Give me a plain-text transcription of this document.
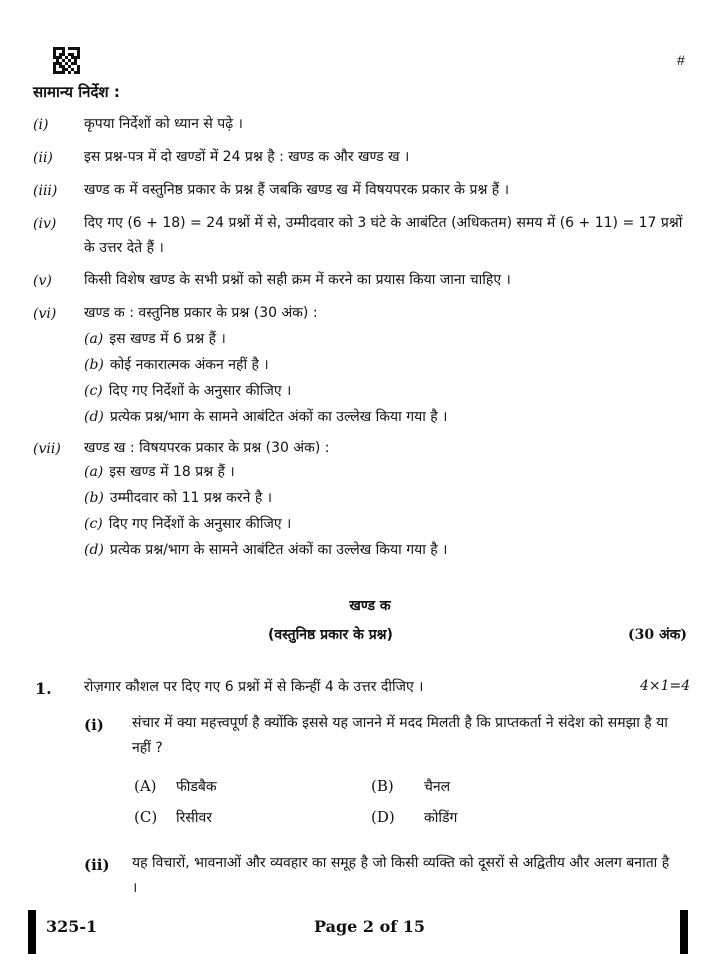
#
सामान्य निर्देश :
(i)	कृपया निर्देशों को ध्यान से पढ़े ।
(ii) इस प्रश्न-पत्र में दो खण्डों में 24 प्रश्न है : खण्ड क और खण्ड ख ।
(iii) खण्ड क में वस्तुनिष्ठ प्रकार के प्रश्न हैं जबकि खण्ड ख में विषयपरक प्रकार के प्रश्न हैं ।
(iv) दिए गए (6 + 18) = 24 प्रश्नों में से, उम्मीदवार को 3 घंटे के आबंटित (अधिकतम) समय में (6 + 11) = 17 प्रश्नों के उत्तर देते हैं ।
(v) किसी विशेष खण्ड के सभी प्रश्नों को सही क्रम में करने का प्रयास किया जाना चाहिए ।
(vi) खण्ड क : वस्तुनिष्ठ प्रकार के प्रश्न (30 अंक) :
(a) इस खण्ड में 6 प्रश्न हैं ।
(b) कोई नकारात्मक अंकन नहीं है ।
(c) दिए गए निर्देशों के अनुसार कीजिए ।
(d) प्रत्येक प्रश्न/भाग के सामने आबंटित अंकों का उल्लेख किया गया है ।
(vii) खण्ड ख : विषयपरक प्रकार के प्रश्न (30 अंक) :
(a) इस खण्ड में 18 प्रश्न हैं ।
(b) उम्मीदवार को 11 प्रश्न करने है ।
(c) दिए गए निर्देशों के अनुसार कीजिए ।
(d) प्रत्येक प्रश्न/भाग के सामने आबंटित अंकों का उल्लेख किया गया है ।
खण्ड क
(वस्तुनिष्ठ प्रकार के प्रश्न)	(30 अंक)
1. रोज़गार कौशल पर दिए गए 6 प्रश्नों में से किन्हीं 4 के उत्तर दीजिए ।	4×1=4
(i) संचार में क्या महत्त्वपूर्ण है क्योंकि इससे यह जानने में मदद मिलती है कि प्राप्तकर्ता ने संदेश को समझा है या नहीं ?
(A) फीडबैक	(B) चैनल
(C) रिसीवर	(D) कोडिंग
(ii) यह विचारों, भावनाओं और व्यवहार का समूह है जो किसी व्यक्ति को दूसरों से अद्वितीय और अलग बनाता है ।
325-1	Page 2 of 15
